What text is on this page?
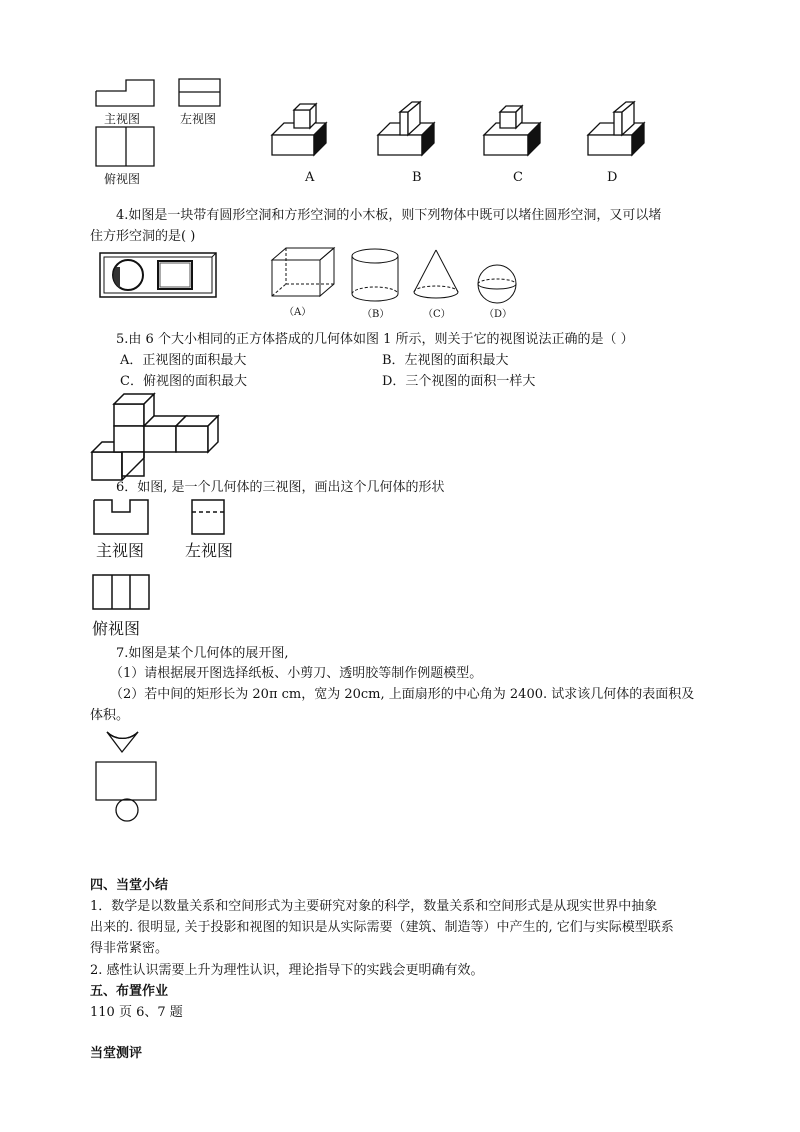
主视图	左视图
俯视图	A	B	C	D
4.如图是一块带有圆形空洞和方形空洞的小木板，则下列物体中既可以堵住圆形空洞，又可以堵
住方形空洞的是( )
（A）	（B）	（C）	（D）
5.由 6 个大小相同的正方体搭成的几何体如图 1 所示，则关于它的视图说法正确的是（ ）
A．正视图的面积最大	B．左视图的面积最大
C．俯视图的面积最大	D．三个视图的面积一样大
6．如图, 是一个几何体的三视图，画出这个几何体的形状
主视图	左视图
俯视图
7.如图是某个几何体的展开图,
（1）请根据展开图选择纸板、小剪刀、透明胶等制作例题模型。
（2）若中间的矩形长为 20π cm，宽为 20cm, 上面扇形的中心角为 2400. 试求该几何体的表面积及
体积。
四、当堂小结
1．数学是以数量关系和空间形式为主要研究对象的科学，数量关系和空间形式是从现实世界中抽象
出来的. 很明显, 关于投影和视图的知识是从实际需要（建筑、制造等）中产生的, 它们与实际模型联系
得非常紧密。
2. 感性认识需要上升为理性认识，理论指导下的实践会更明确有效。
五、布置作业
110 页 6、7 题
当堂测评
